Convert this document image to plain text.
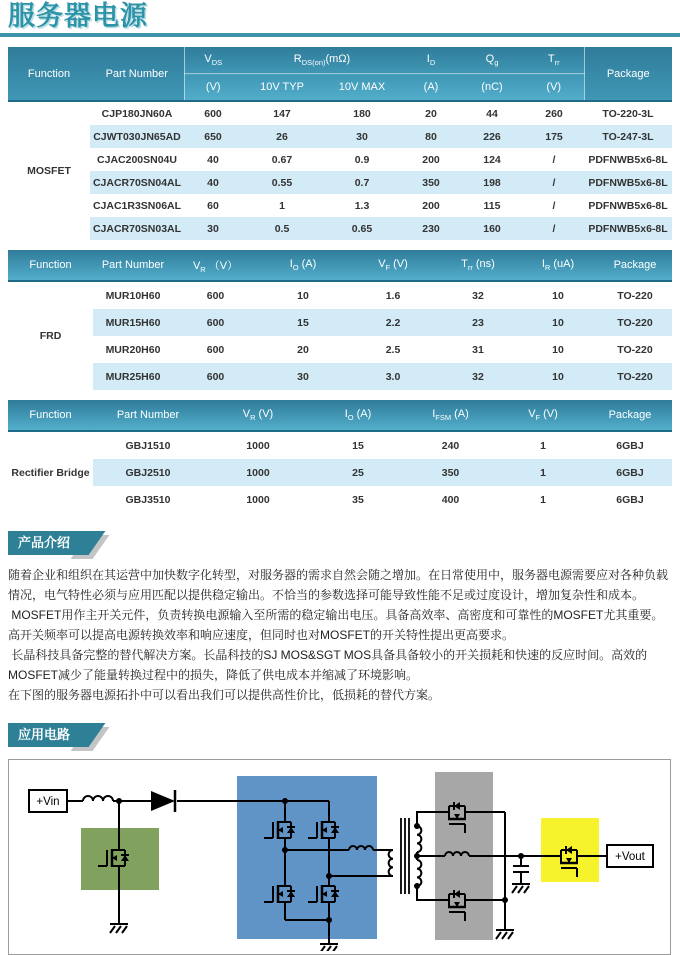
服务器电源
Function	Part Number	$V_{DS}$	$R_{DS(on)}(m\Omega)$		$I_D$	$Q_g$	$T_{rr}$	Package
		(V)	10V TYP	10V MAX	(A)	(nC)	(V)	
MOSFET	CJP180JN60A	600	147	180	20	44	260	TO-220-3L
	CJWT030JN65AD	650	26	30	80	226	175	TO-247-3L
	CJAC200SN04U	40	0.67	0.9	200	124	/	PDFNWB5x6-8L
	CJACR70SN04AL	40	0.55	0.7	350	198	/	PDFNWB5x6-8L
	CJAC1R3SN06AL	60	1	1.3	200	115	/	PDFNWB5x6-8L
	CJACR70SN03AL	30	0.5	0.65	230	160	/	PDFNWB5x6-8L
Function	Part Number	$V_R$ （V）	$I_O$ (A)	$V_F$ (V)	$T_{rr}$ (ns)	$I_R$ (uA)	Package
FRD	MUR10H60	600	10	1.6	32	10	TO-220
	MUR15H60	600	15	2.2	23	10	TO-220
	MUR20H60	600	20	2.5	31	10	TO-220
	MUR25H60	600	30	3.0	32	10	TO-220
Function	Part Number	$V_R$ (V)	$I_O$ (A)	$I_{FSM}$ (A)	$V_F$ (V)	Package
Rectifier Bridge	GBJ1510	1000	15	240	1	6GBJ
	GBJ2510	1000	25	350	1	6GBJ
	GBJ3510	1000	35	400	1	6GBJ
产品介绍

随着企业和组织在其运营中加快数字化转型，对服务器的需求自然会随之增加。在日常使用中，服务器电源需要应对各种负载情况，电气特性必须与应用匹配以提供稳定输出。不恰当的参数选择可能导致性能不足或过度设计，增加复杂性和成本。

MOSFET用作主开关元件，负责转换电源输入至所需的稳定输出电压。具备高效率、高密度和可靠性的MOSFET尤其重要。高开关频率可以提高电源转换效率和响应速度，但同时也对MOSFET的开关特性提出更高要求。

长晶科技具备完整的替代解决方案。长晶科技的SJ MOS&SGT MOS具备具备较小的开关损耗和快速的反应时间。高效的MOSFET减少了能量转换过程中的损失，降低了供电成本并缩减了环境影响。

在下图的服务器电源拓扑中可以看出我们可以提供高性价比，低损耗的替代方案。

应用电路
+Vin
+Vout
